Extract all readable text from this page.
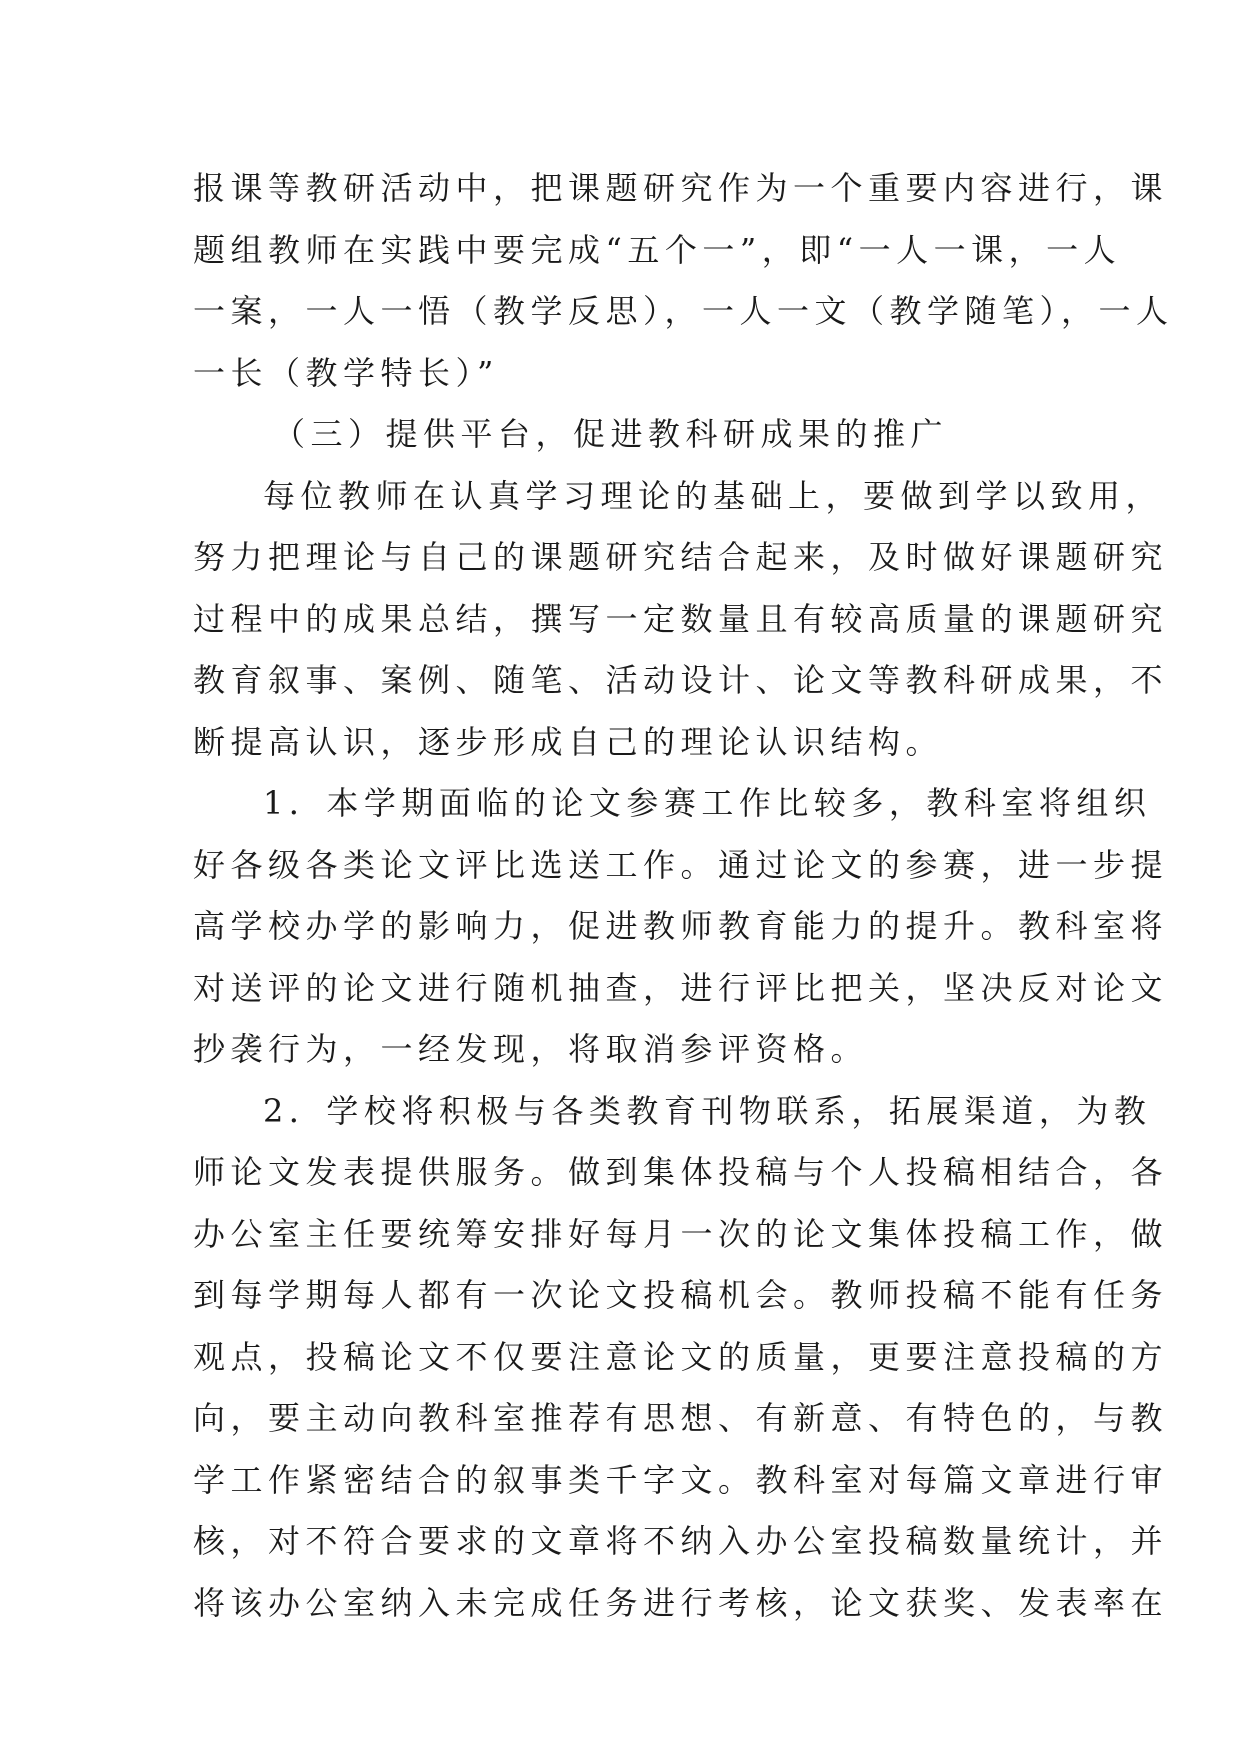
报课等教研活动中，把课题研究作为一个重要内容进行，课
题组教师在实践中要完成“五个一”，即“一人一课，一人
一案，一人一悟（教学反思），一人一文（教学随笔），一人
一长（教学特长）”
（三）提供平台，促进教科研成果的推广
每位教师在认真学习理论的基础上，要做到学以致用，
努力把理论与自己的课题研究结合起来，及时做好课题研究
过程中的成果总结，撰写一定数量且有较高质量的课题研究
教育叙事、案例、随笔、活动设计、论文等教科研成果，不
断提高认识，逐步形成自己的理论认识结构。
1．本学期面临的论文参赛工作比较多，教科室将组织
好各级各类论文评比选送工作。通过论文的参赛，进一步提
高学校办学的影响力，促进教师教育能力的提升。教科室将
对送评的论文进行随机抽查，进行评比把关，坚决反对论文
抄袭行为，一经发现，将取消参评资格。
2．学校将积极与各类教育刊物联系，拓展渠道，为教
师论文发表提供服务。做到集体投稿与个人投稿相结合，各
办公室主任要统筹安排好每月一次的论文集体投稿工作，做
到每学期每人都有一次论文投稿机会。教师投稿不能有任务
观点，投稿论文不仅要注意论文的质量，更要注意投稿的方
向，要主动向教科室推荐有思想、有新意、有特色的，与教
学工作紧密结合的叙事类千字文。教科室对每篇文章进行审
核，对不符合要求的文章将不纳入办公室投稿数量统计，并
将该办公室纳入未完成任务进行考核，论文获奖、发表率在
